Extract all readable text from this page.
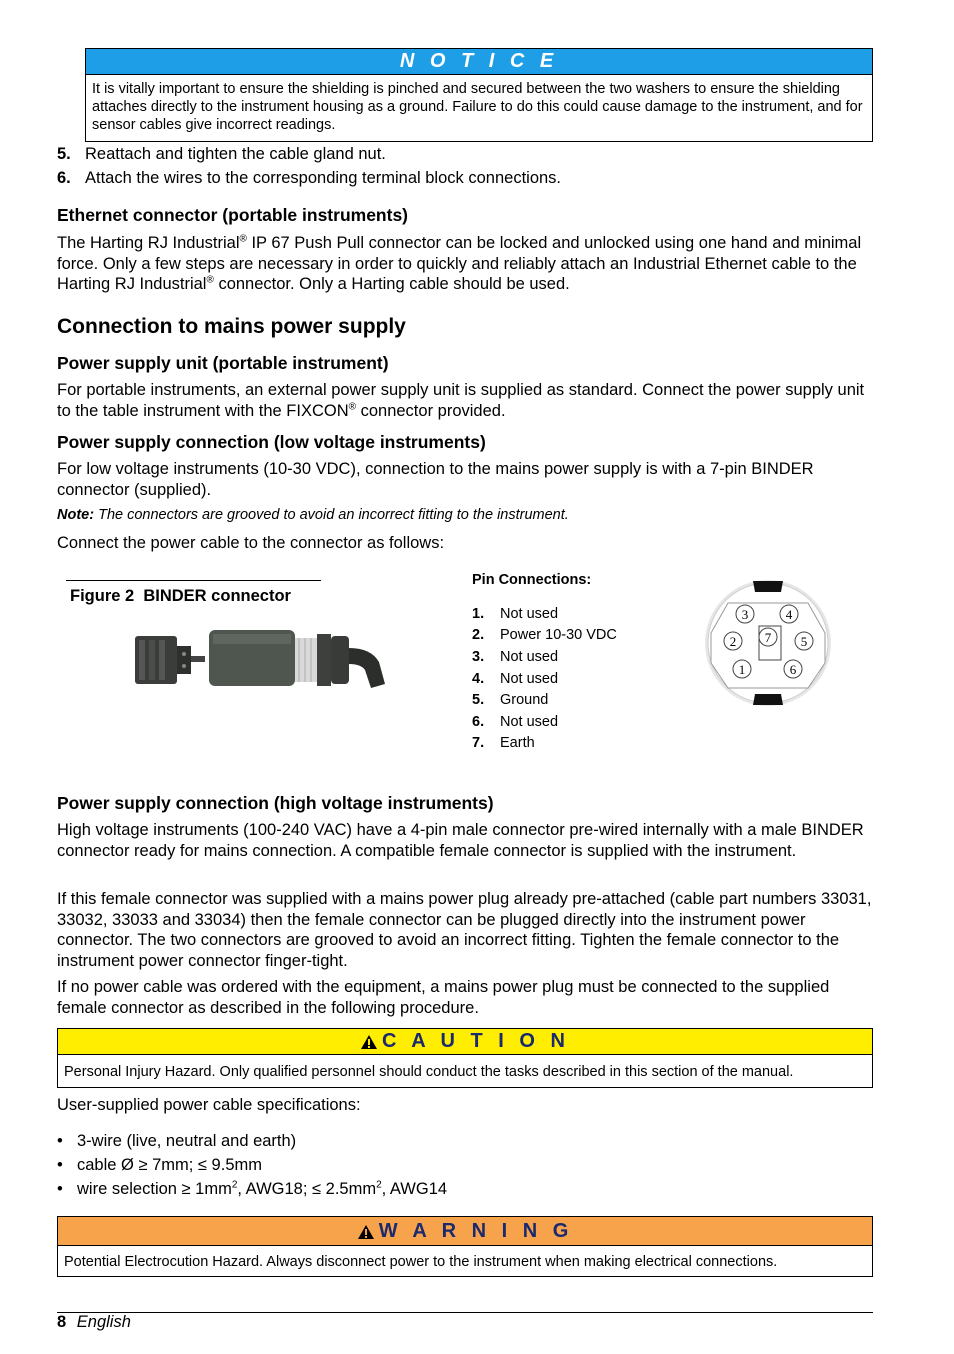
N O T I C E
It is vitally important to ensure the shielding is pinched and secured between the two washers to ensure the shielding attaches directly to the instrument housing as a ground. Failure to do this could cause damage to the instrument, and for sensor cables give incorrect readings.
5. Reattach and tighten the cable gland nut.
6. Attach the wires to the corresponding terminal block connections.
Ethernet connector (portable instruments)

The Harting RJ Industrial® IP 67 Push Pull connector can be locked and unlocked using one hand and minimal force. Only a few steps are necessary in order to quickly and reliably attach an Industrial Ethernet cable to the Harting RJ Industrial® connector. Only a Harting cable should be used.

Connection to mains power supply
Power supply unit (portable instrument)

For portable instruments, an external power supply unit is supplied as standard. Connect the power supply unit to the table instrument with the FIXCON® connector provided.

Power supply connection (low voltage instruments)

For low voltage instruments (10-30 VDC), connection to the mains power supply is with a 7-pin BINDER connector (supplied).

Note: The connectors are grooved to avoid an incorrect fitting to the instrument.

Connect the power cable to the connector as follows:

Figure 2  BINDER connector
Pin Connections:
1. Not used
2. Power 10-30 VDC
3. Not used
4. Not used
5. Ground
6. Not used
7. Earth
3	4
2 7 5
1	6
Power supply connection (high voltage instruments)

High voltage instruments (100-240 VAC) have a 4-pin male connector pre-wired internally with a male BINDER connector ready for mains connection. A compatible female connector is supplied with the instrument.

If this female connector was supplied with a mains power plug already pre-attached (cable part numbers 33031, 33032, 33033 and 33034) then the female connector can be plugged directly into the instrument power connector. The two connectors are grooved to avoid an incorrect fitting. Tighten the female connector to the instrument power connector finger-tight.

If no power cable was ordered with the equipment, a mains power plug must be connected to the supplied female connector as described in the following procedure.

C A U T I O N
Personal Injury Hazard. Only qualified personnel should conduct the tasks described in this section of the manual.

User-supplied power cable specifications:

• 3-wire (live, neutral and earth)
• cable Ø ≥ 7mm; ≤ 9.5mm
• wire selection ≥ $1mm^2$, AWG18; ≤ $2.5mm^2$, AWG14
W A R N I N G
Potential Electrocution Hazard. Always disconnect power to the instrument when making electrical connections.
8 English
